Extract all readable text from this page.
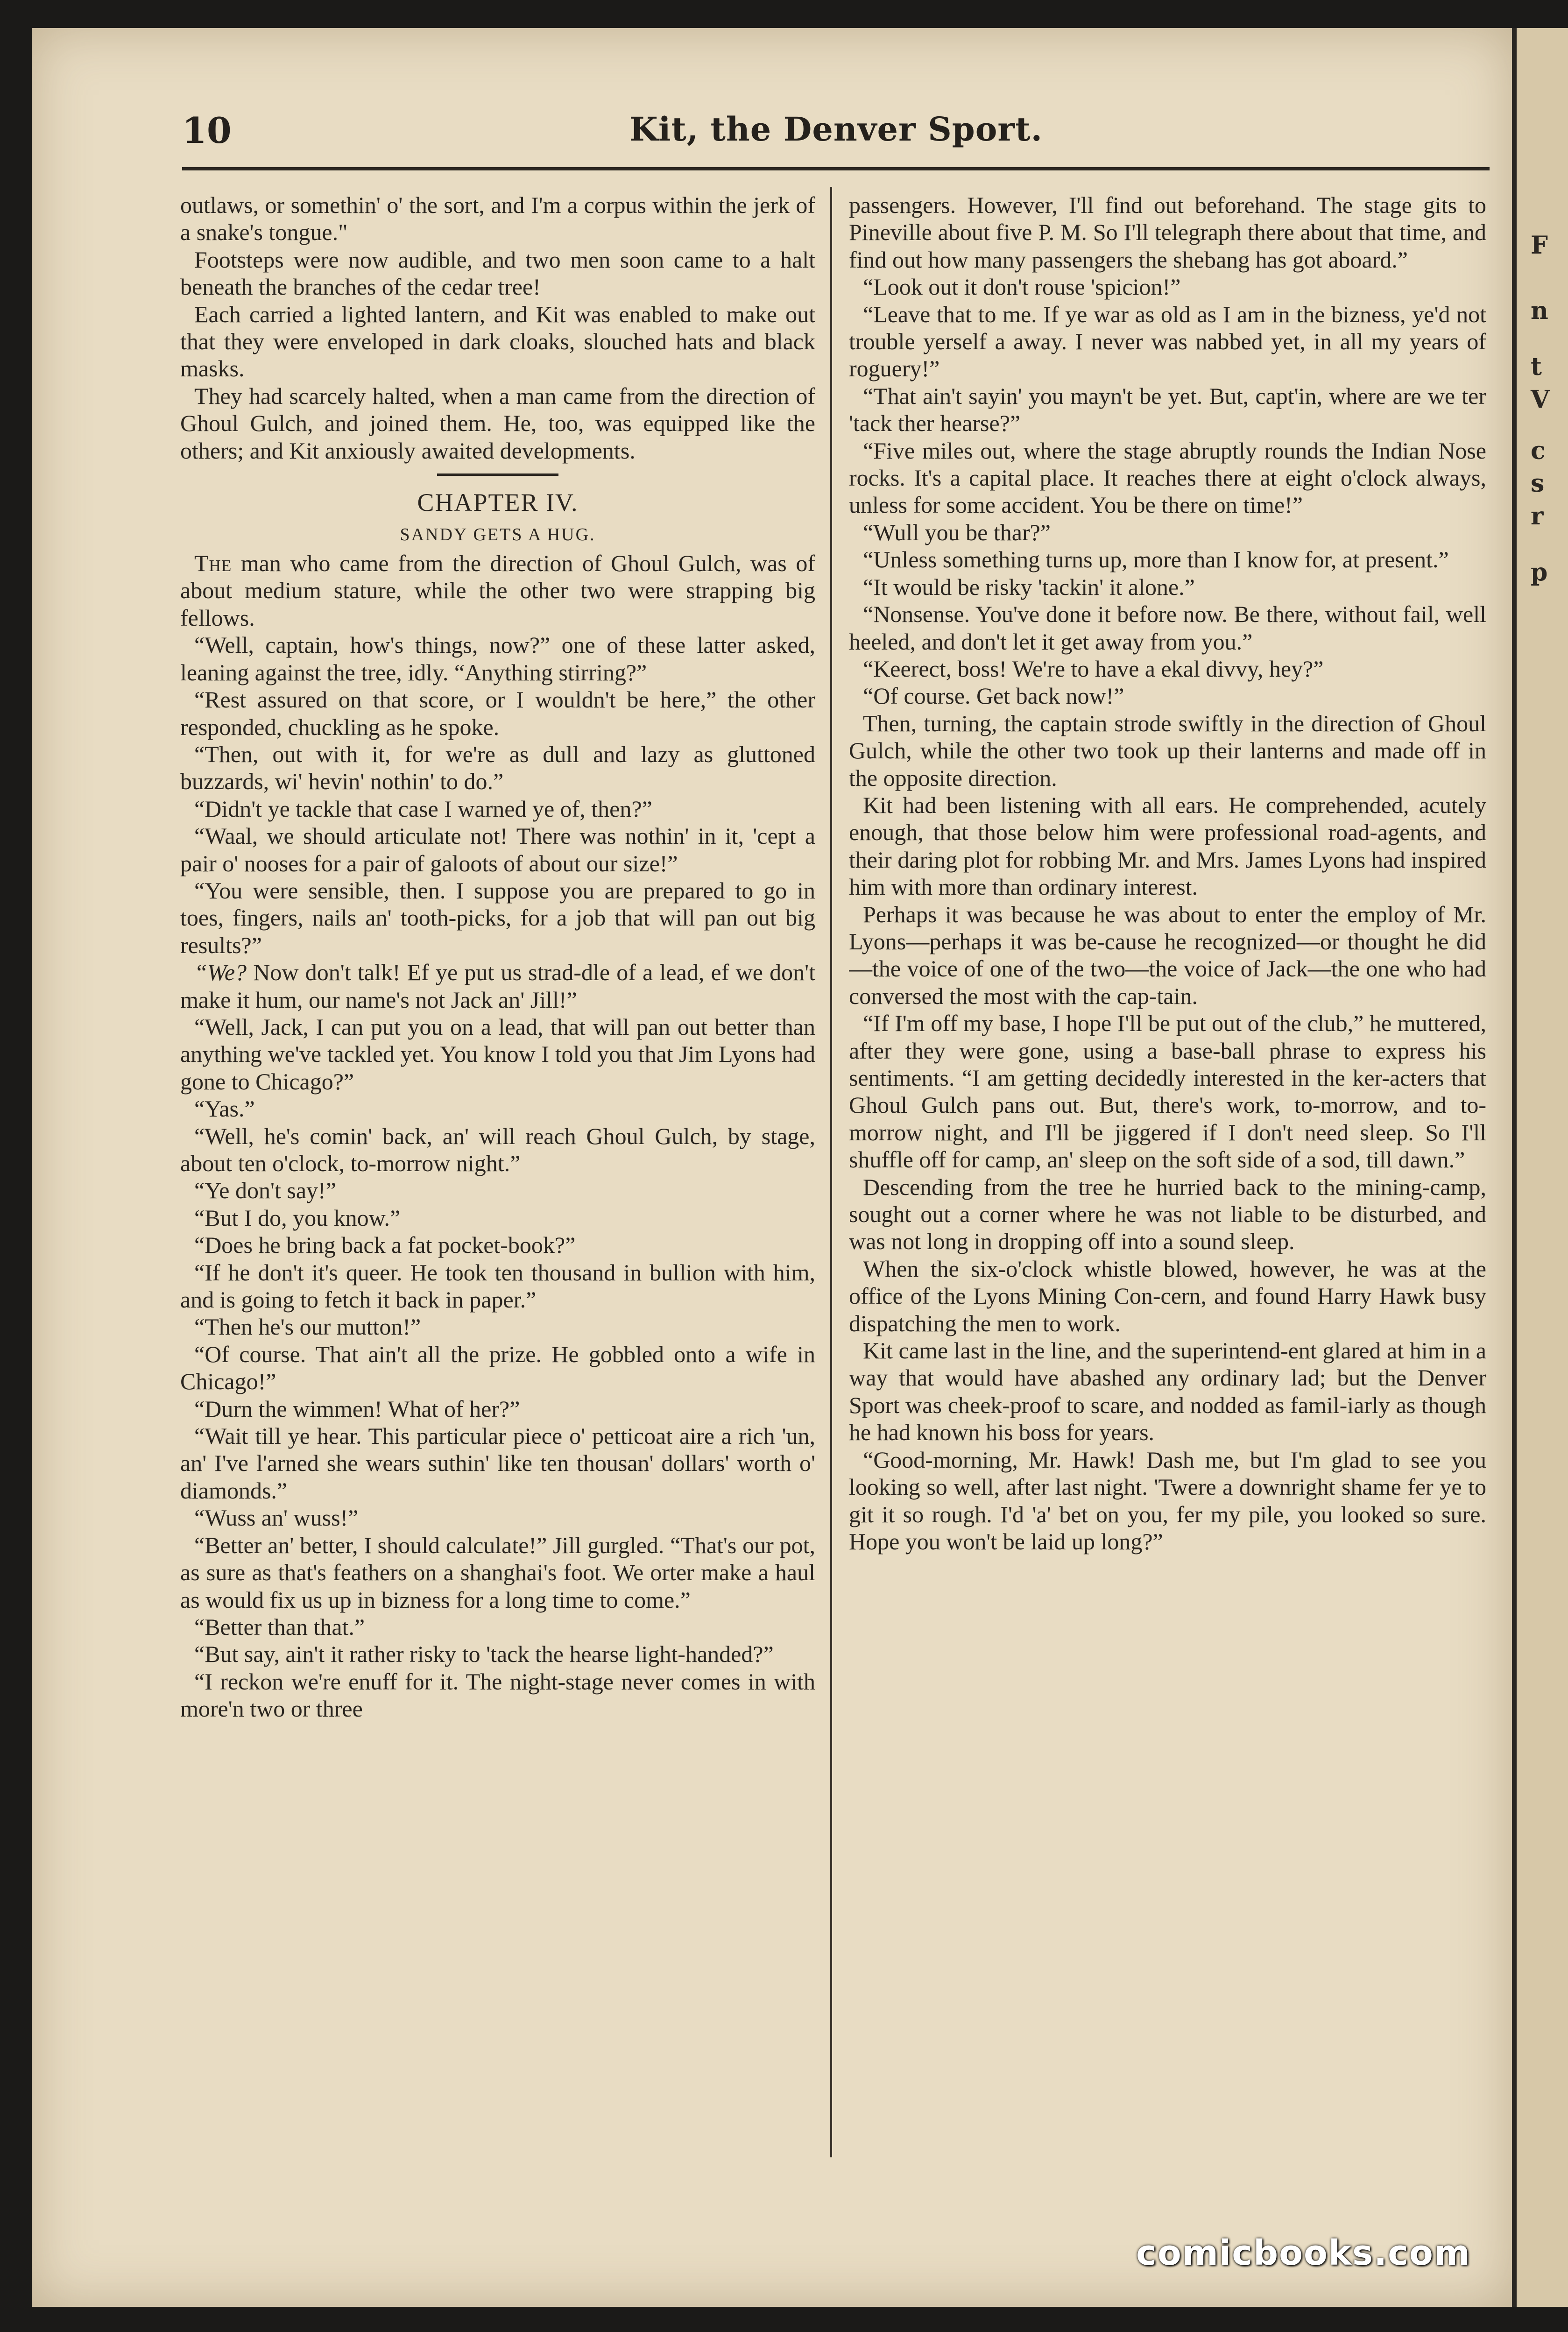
10	Kit, the Denver Sport.

outlaws, or somethin' o' the sort, and I'm a corpus within the jerk of a snake's tongue."

Footsteps were now audible, and two men soon came to a halt beneath the branches of the cedar tree!

Each carried a lighted lantern, and Kit was enabled to make out that they were enveloped in dark cloaks, slouched hats and black masks.

They had scarcely halted, when a man came from the direction of Ghoul Gulch, and joined them. He, too, was equipped like the others; and Kit anxiously awaited developments.

CHAPTER IV.
SANDY GETS A HUG.

The man who came from the direction of Ghoul Gulch, was of about medium stature, while the other two were strapping big fellows.

“Well, captain, how's things, now?” one of these latter asked, leaning against the tree, idly. “Anything stirring?”

“Rest assured on that score, or I wouldn't be here,” the other responded, chuckling as he spoke.

“Then, out with it, for we're as dull and lazy as gluttoned buzzards, wi' hevin' nothin' to do.”

“Didn't ye tackle that case I warned ye of, then?”

“Waal, we should articulate not! There was nothin' in it, 'cept a pair o' nooses for a pair of galoots of about our size!”

“You were sensible, then. I suppose you are prepared to go in toes, fingers, nails an' tooth-picks, for a job that will pan out big results?”

“We? Now don't talk! Ef ye put us strad-dle of a lead, ef we don't make it hum, our name's not Jack an' Jill!”

“Well, Jack, I can put you on a lead, that will pan out better than anything we've tackled yet. You know I told you that Jim Lyons had gone to Chicago?”

“Yas.”

“Well, he's comin' back, an' will reach Ghoul Gulch, by stage, about ten o'clock, to-morrow night.”

“Ye don't say!”

“But I do, you know.”

“Does he bring back a fat pocket-book?”

“If he don't it's queer. He took ten thousand in bullion with him, and is going to fetch it back in paper.”

“Then he's our mutton!”

“Of course. That ain't all the prize. He gobbled onto a wife in Chicago!”

“Durn the wimmen! What of her?”

“Wait till ye hear. This particular piece o' petticoat aire a rich 'un, an' I've l'arned she wears suthin' like ten thousan' dollars' worth o' diamonds.”

“Wuss an' wuss!”

“Better an' better, I should calculate!” Jill gurgled. “That's our pot, as sure as that's feathers on a shanghai's foot. We orter make a haul as would fix us up in bizness for a long time to come.”

“Better than that.”

“But say, ain't it rather risky to 'tack the hearse light-handed?”

“I reckon we're enuff for it. The night-stage never comes in with more'n two or three

passengers. However, I'll find out beforehand. The stage gits to Pineville about five P. M. So I'll telegraph there about that time, and find out how many passengers the shebang has got aboard.”

“Look out it don't rouse 'spicion!”

“Leave that to me. If ye war as old as I am in the bizness, ye'd not trouble yerself a away. I never was nabbed yet, in all my years of roguery!”

“That ain't sayin' you mayn't be yet. But, capt'in, where are we ter 'tack ther hearse?”

“Five miles out, where the stage abruptly rounds the Indian Nose rocks. It's a capital place. It reaches there at eight o'clock always, unless for some accident. You be there on time!”

“Wull you be thar?”

“Unless something turns up, more than I know for, at present.”

“It would be risky 'tackin' it alone.”

“Nonsense. You've done it before now. Be there, without fail, well heeled, and don't let it get away from you.”

“Keerect, boss! We're to have a ekal divvy, hey?”

“Of course. Get back now!”

Then, turning, the captain strode swiftly in the direction of Ghoul Gulch, while the other two took up their lanterns and made off in the opposite direction.

Kit had been listening with all ears. He comprehended, acutely enough, that those below him were professional road-agents, and their daring plot for robbing Mr. and Mrs. James Lyons had inspired him with more than ordinary interest.

Perhaps it was because he was about to enter the employ of Mr. Lyons—perhaps it was be-cause he recognized—or thought he did—the voice of one of the two—the voice of Jack—the one who had conversed the most with the cap-tain.

“If I'm off my base, I hope I'll be put out of the club,” he muttered, after they were gone, using a base-ball phrase to express his sentiments. “I am getting decidedly interested in the ker-acters that Ghoul Gulch pans out. But, there's work, to-morrow, and to-morrow night, and I'll be jiggered if I don't need sleep. So I'll shuffle off for camp, an' sleep on the soft side of a sod, till dawn.”

Descending from the tree he hurried back to the mining-camp, sought out a corner where he was not liable to be disturbed, and was not long in dropping off into a sound sleep.

When the six-o'clock whistle blowed, however, he was at the office of the Lyons Mining Con-cern, and found Harry Hawk busy dispatching the men to work.

Kit came last in the line, and the superintend-ent glared at him in a way that would have abashed any ordinary lad; but the Denver Sport was cheek-proof to scare, and nodded as famil-iarly as though he had known his boss for years.

“Good-morning, Mr. Hawk! Dash me, but I'm glad to see you looking so well, after last night. 'Twere a downright shame fer ye to git it so rough. I'd 'a' bet on you, fer my pile, you looked so sure. Hope you won't be laid up long?”

comicbooks.com
F
n
t
V
c
s
r
p
